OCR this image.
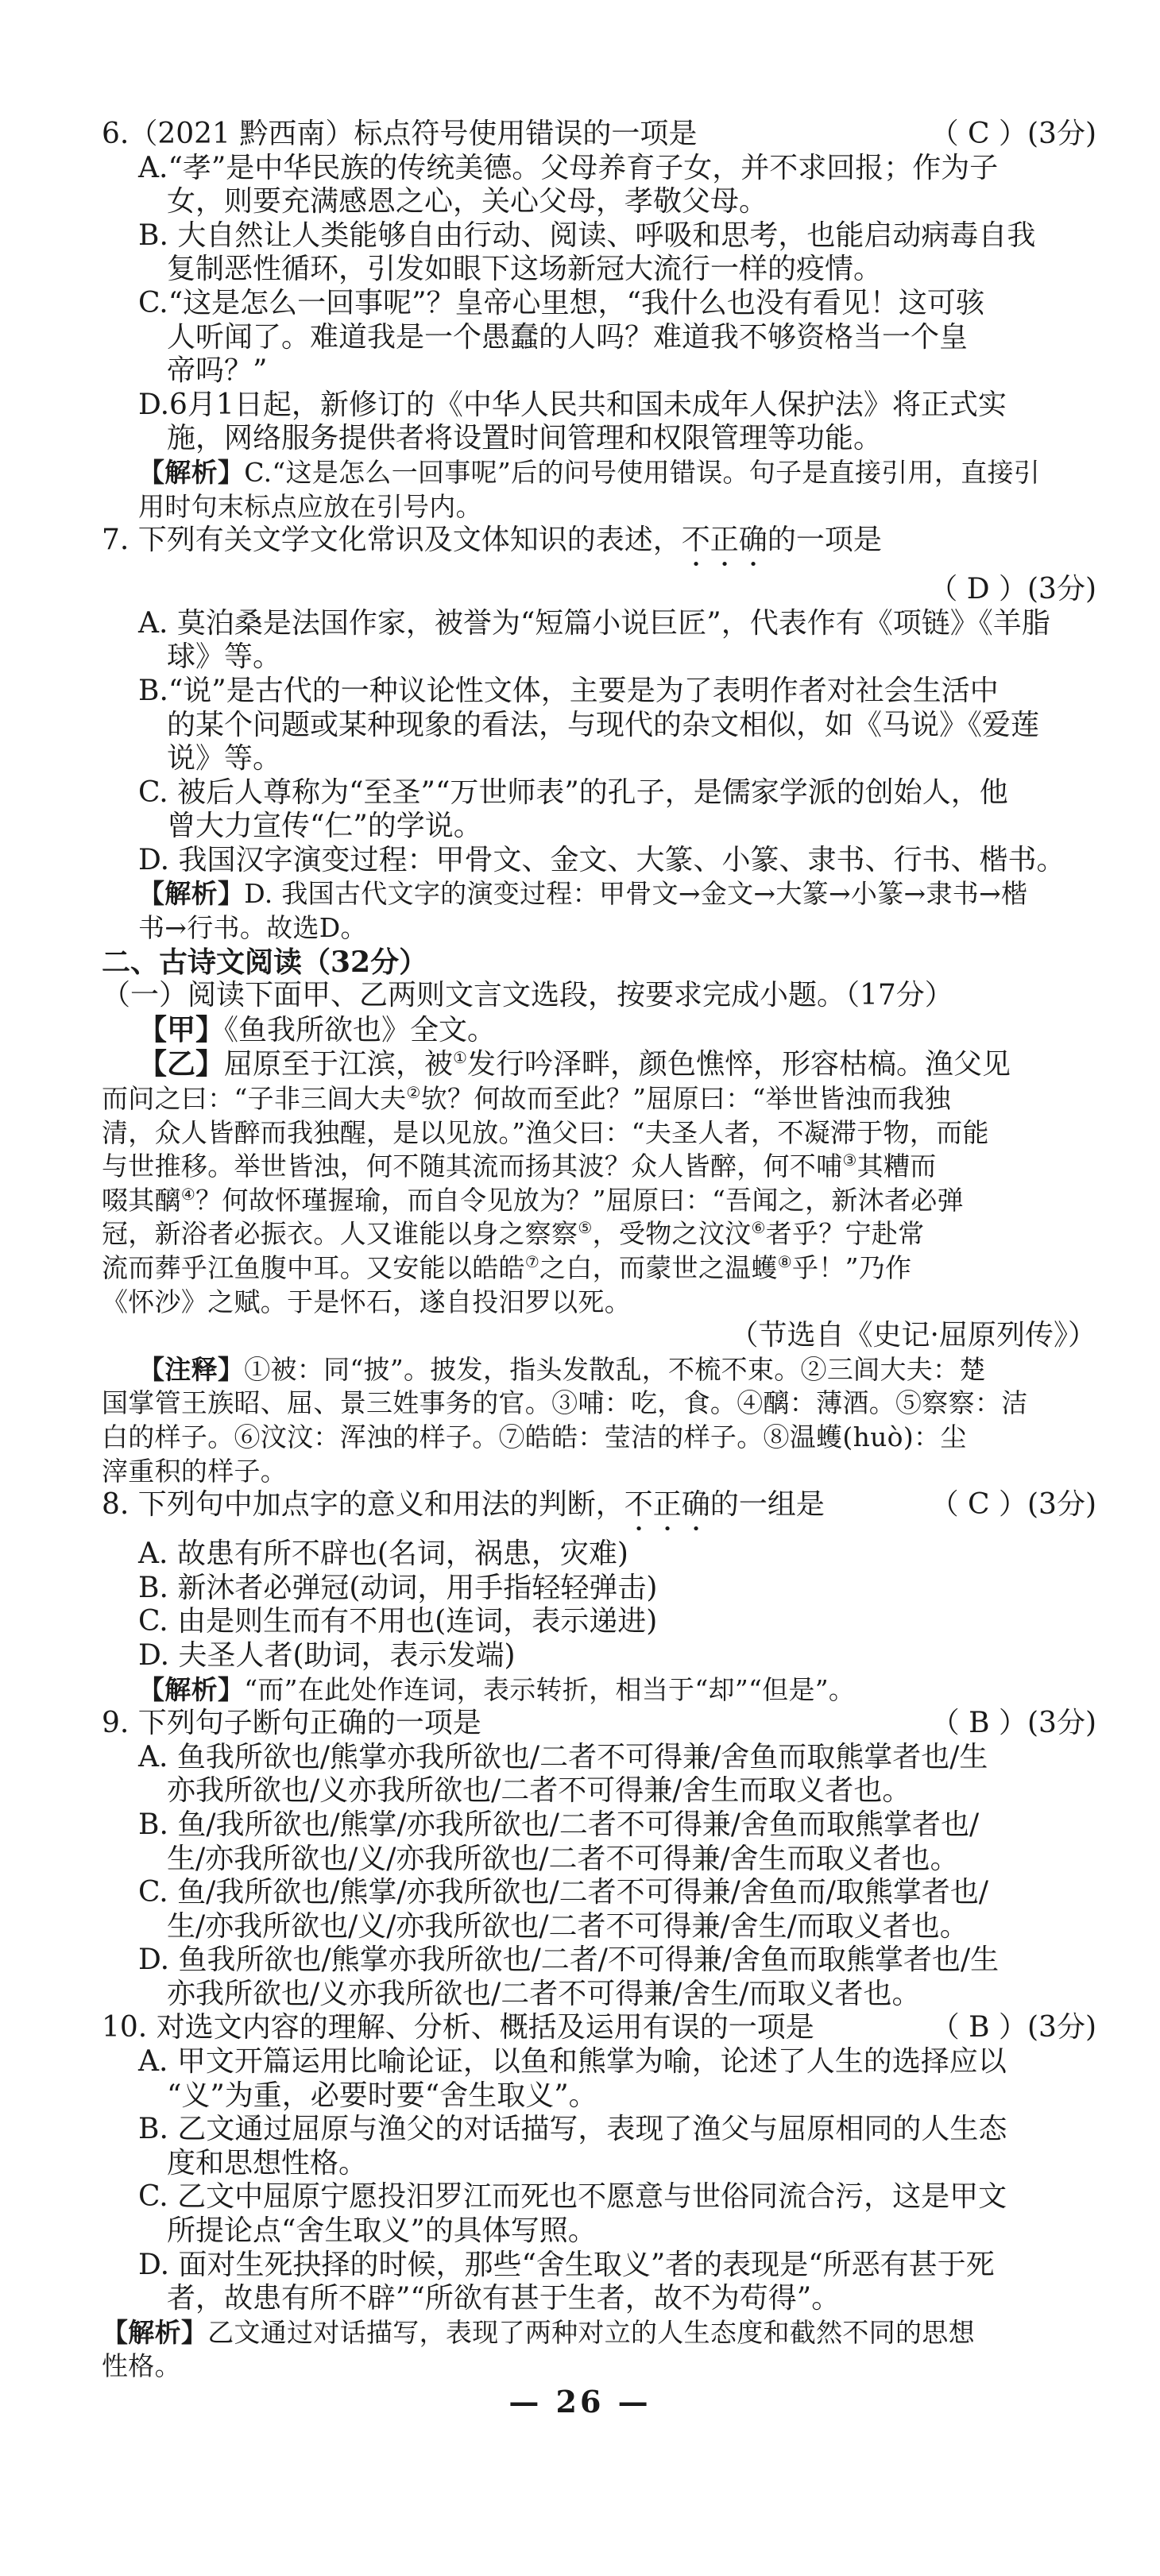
6.（2021 黔西南）标点符号使用错误的一项是	（ C ）(3分)
A.“孝”是中华民族的传统美德。父母养育子女，并不求回报；作为子
女，则要充满感恩之心，关心父母，孝敬父母。
B. 大自然让人类能够自由行动、阅读、呼吸和思考，也能启动病毒自我
复制恶性循环，引发如眼下这场新冠大流行一样的疫情。
C.“这是怎么一回事呢”？皇帝心里想，“我什么也没有看见！这可骇
人听闻了。难道我是一个愚蠢的人吗？难道我不够资格当一个皇
帝吗？”
D.6月1日起，新修订的《中华人民共和国未成年人保护法》将正式实
施，网络服务提供者将设置时间管理和权限管理等功能。
【解析】C.“这是怎么一回事呢”后的问号使用错误。句子是直接引用，直接引
用时句末标点应放在引号内。
7. 下列有关文学文化常识及文体知识的表述，不正确的一项是
（ D ）(3分)
A. 莫泊桑是法国作家，被誉为“短篇小说巨匠”，代表作有《项链》《羊脂
球》等。
B.“说”是古代的一种议论性文体，主要是为了表明作者对社会生活中
的某个问题或某种现象的看法，与现代的杂文相似，如《马说》《爱莲
说》等。
C. 被后人尊称为“至圣”“万世师表”的孔子，是儒家学派的创始人，他
曾大力宣传“仁”的学说。
D. 我国汉字演变过程：甲骨文、金文、大篆、小篆、隶书、行书、楷书。
【解析】D. 我国古代文字的演变过程：甲骨文→金文→大篆→小篆→隶书→楷
书→行书。故选D。
二、古诗文阅读（32分）
（一）阅读下面甲、乙两则文言文选段，按要求完成小题。（17分）
【甲】《鱼我所欲也》全文。
【乙】屈原至于江滨，被①发行吟泽畔，颜色憔悴，形容枯槁。渔父见
而问之曰：“子非三闾大夫②欤？何故而至此？”屈原曰：“举世皆浊而我独
清，众人皆醉而我独醒，是以见放。”渔父曰：“夫圣人者，不凝滞于物，而能
与世推移。举世皆浊，何不随其流而扬其波？众人皆醉，何不哺③其糟而
啜其醨④？何故怀瑾握瑜，而自令见放为？”屈原曰：“吾闻之，新沐者必弹
冠，新浴者必振衣。人又谁能以身之察察⑤，受物之汶汶⑥者乎？宁赴常
流而葬乎江鱼腹中耳。又安能以皓皓⑦之白，而蒙世之温蠖⑧乎！”乃作
《怀沙》之赋。于是怀石，遂自投汨罗以死。
（节选自《史记·屈原列传》）
【注释】①被：同“披”。披发，指头发散乱，不梳不束。②三闾大夫：楚
国掌管王族昭、屈、景三姓事务的官。③哺：吃，食。④醨：薄酒。⑤察察：洁
白的样子。⑥汶汶：浑浊的样子。⑦皓皓：莹洁的样子。⑧温蠖(huò)：尘
滓重积的样子。
8. 下列句中加点字的意义和用法的判断，不正确的一组是	（ C ）(3分)
A. 故患有所不辟也(名词，祸患，灾难)
B. 新沐者必弹冠(动词，用手指轻轻弹击)
C. 由是则生而有不用也(连词，表示递进)
D. 夫圣人者(助词，表示发端)
【解析】“而”在此处作连词，表示转折，相当于“却”“但是”。
9. 下列句子断句正确的一项是	（ B ）(3分)
A. 鱼我所欲也/熊掌亦我所欲也/二者不可得兼/舍鱼而取熊掌者也/生
亦我所欲也/义亦我所欲也/二者不可得兼/舍生而取义者也。
B. 鱼/我所欲也/熊掌/亦我所欲也/二者不可得兼/舍鱼而取熊掌者也/
生/亦我所欲也/义/亦我所欲也/二者不可得兼/舍生而取义者也。
C. 鱼/我所欲也/熊掌/亦我所欲也/二者不可得兼/舍鱼而/取熊掌者也/
生/亦我所欲也/义/亦我所欲也/二者不可得兼/舍生/而取义者也。
D. 鱼我所欲也/熊掌亦我所欲也/二者/不可得兼/舍鱼而取熊掌者也/生
亦我所欲也/义亦我所欲也/二者不可得兼/舍生/而取义者也。
10. 对选文内容的理解、分析、概括及运用有误的一项是	（ B ）(3分)
A. 甲文开篇运用比喻论证，以鱼和熊掌为喻，论述了人生的选择应以
“义”为重，必要时要“舍生取义”。
B. 乙文通过屈原与渔父的对话描写，表现了渔父与屈原相同的人生态
度和思想性格。
C. 乙文中屈原宁愿投汨罗江而死也不愿意与世俗同流合污，这是甲文
所提论点“舍生取义”的具体写照。
D. 面对生死抉择的时候，那些“舍生取义”者的表现是“所恶有甚于死
者，故患有所不辟”“所欲有甚于生者，故不为苟得”。
【解析】乙文通过对话描写，表现了两种对立的人生态度和截然不同的思想
性格。
— 26 —
